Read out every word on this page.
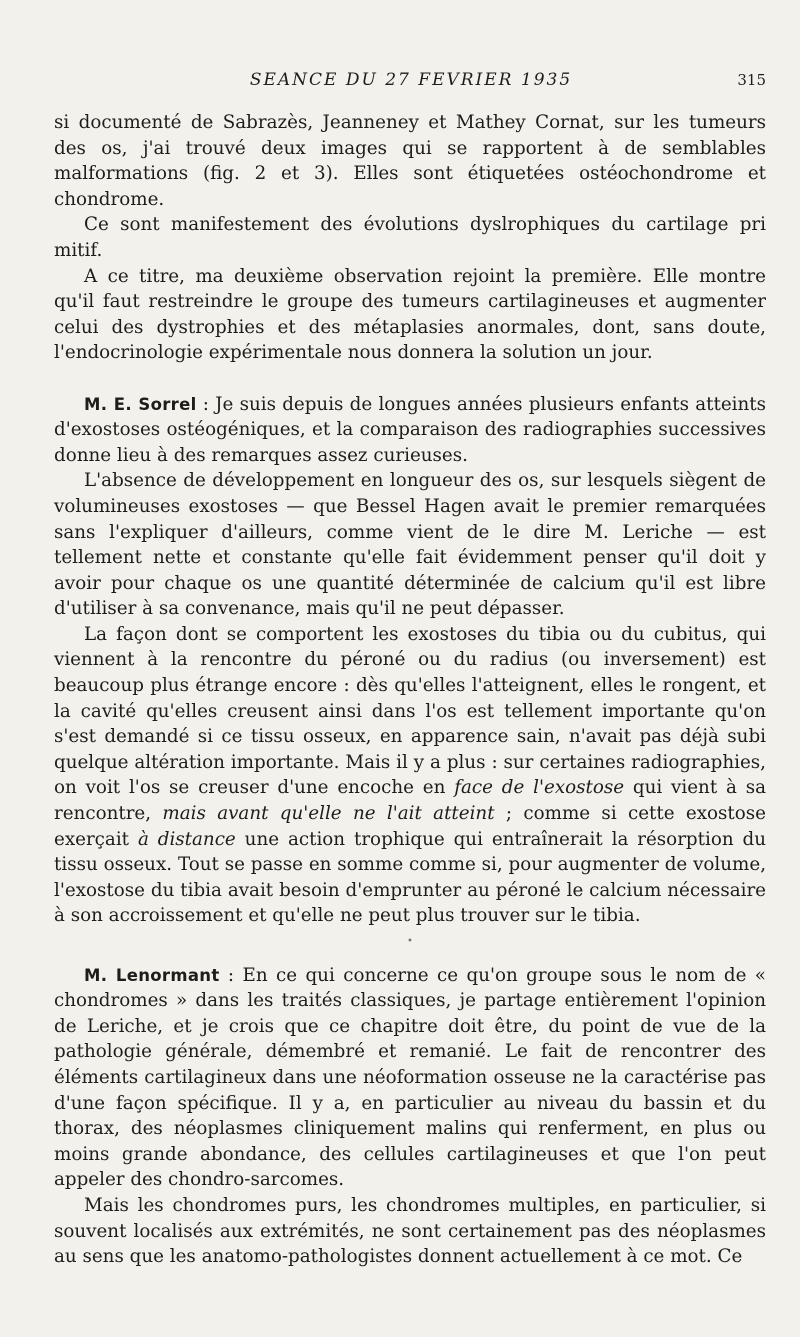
SEANCE DU 27 FEVRIER 1935	315

si documenté de Sabrazès, Jeanneney et Mathey Cornat, sur les tumeurs des os, j'ai trouvé deux images qui se rapportent à de semblables malformations (fig. 2 et 3). Elles sont étiquetées ostéochondrome et chondrome.

Ce sont manifestement des évolutions dyslrophiques du cartilage pri mitif.

A ce titre, ma deuxième observation rejoint la première. Elle montre qu'il faut restreindre le groupe des tumeurs cartilagineuses et augmenter celui des dystrophies et des métaplasies anormales, dont, sans doute, l'endocrinologie expérimentale nous donnera la solution un jour.

M. E. Sorrel : Je suis depuis de longues années plusieurs enfants atteints d'exostoses ostéogéniques, et la comparaison des radiographies successives donne lieu à des remarques assez curieuses.

L'absence de développement en longueur des os, sur lesquels siègent de volumineuses exostoses — que Bessel Hagen avait le premier remarquées sans l'expliquer d'ailleurs, comme vient de le dire M. Leriche — est tellement nette et constante qu'elle fait évidemment penser qu'il doit y avoir pour chaque os une quantité déterminée de calcium qu'il est libre d'utiliser à sa convenance, mais qu'il ne peut dépasser.

La façon dont se comportent les exostoses du tibia ou du cubitus, qui viennent à la rencontre du péroné ou du radius (ou inversement) est beaucoup plus étrange encore : dès qu'elles l'atteignent, elles le rongent, et la cavité qu'elles creusent ainsi dans l'os est tellement importante qu'on s'est demandé si ce tissu osseux, en apparence sain, n'avait pas déjà subi quelque altération importante. Mais il y a plus : sur certaines radiographies, on voit l'os se creuser d'une encoche en face de l'exostose qui vient à sa rencontre, mais avant qu'elle ne l'ait atteint ; comme si cette exostose exerçait à distance une action trophique qui entraînerait la résorption du tissu osseux. Tout se passe en somme comme si, pour augmenter de volume, l'exostose du tibia avait besoin d'emprunter au péroné le calcium nécessaire à son accroissement et qu'elle ne peut plus trouver sur le tibia.

•

M. Lenormant : En ce qui concerne ce qu'on groupe sous le nom de « chondromes » dans les traités classiques, je partage entièrement l'opinion de Leriche, et je crois que ce chapitre doit être, du point de vue de la pathologie générale, démembré et remanié. Le fait de rencontrer des éléments cartilagineux dans une néoformation osseuse ne la caractérise pas d'une façon spécifique. Il y a, en particulier au niveau du bassin et du thorax, des néoplasmes cliniquement malins qui renferment, en plus ou moins grande abondance, des cellules cartilagineuses et que l'on peut appeler des chondro-sarcomes.

Mais les chondromes purs, les chondromes multiples, en particulier, si souvent localisés aux extrémités, ne sont certainement pas des néoplasmes au sens que les anatomo-pathologistes donnent actuellement à ce mot. Ce
